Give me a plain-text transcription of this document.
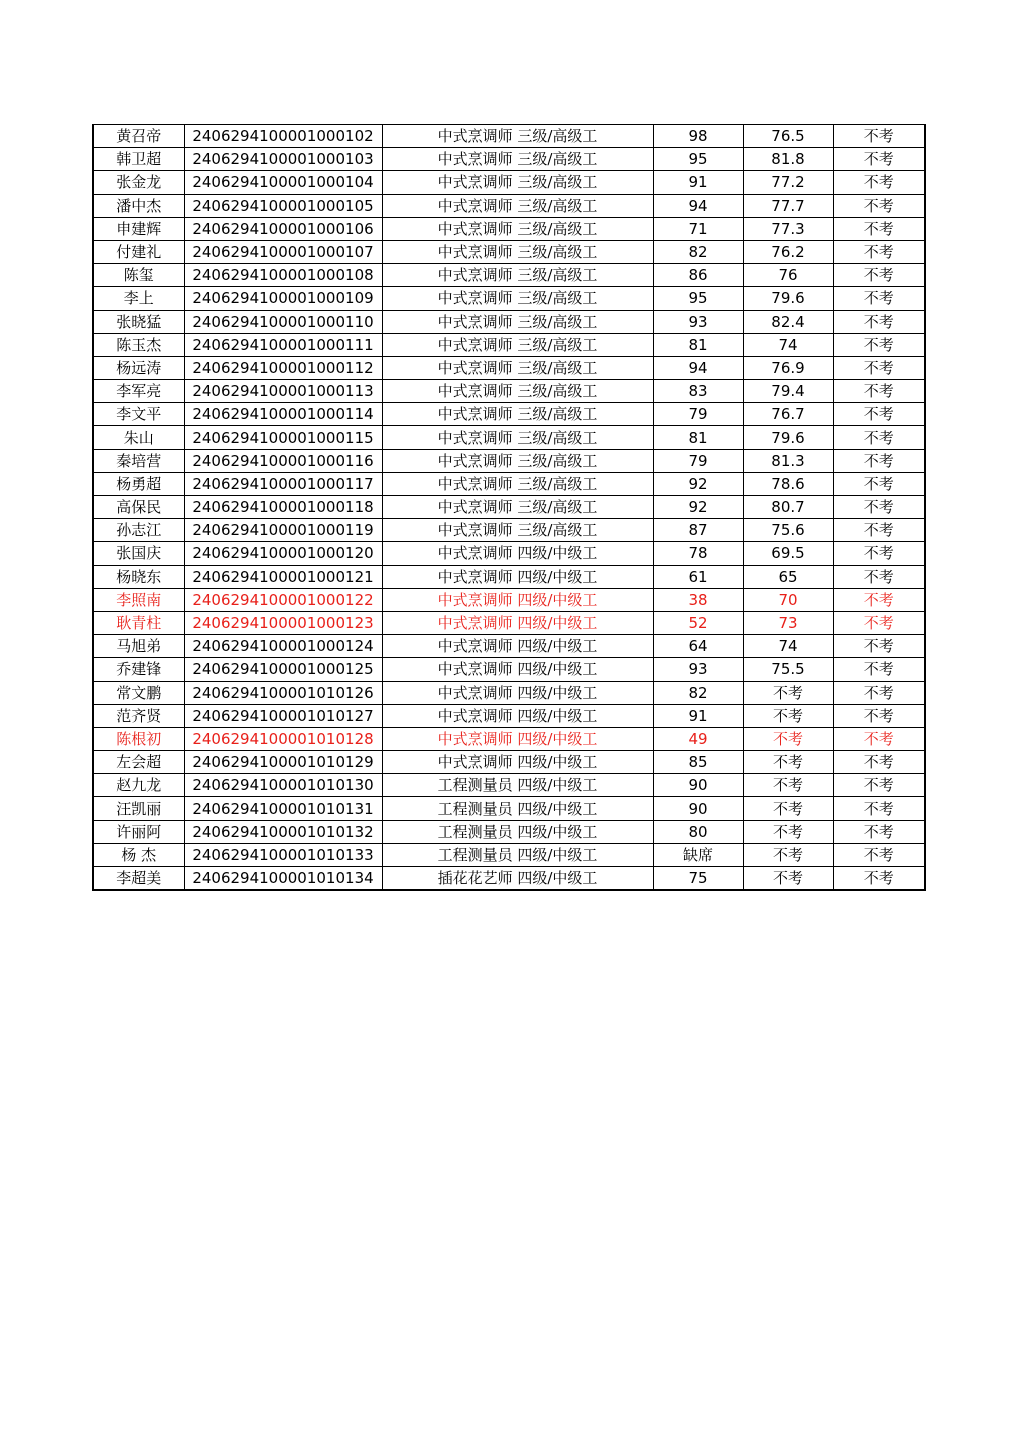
黄召帝	2406294100001000102	中式烹调师 三级/高级工	98	76.5	不考
韩卫超	2406294100001000103	中式烹调师 三级/高级工	95	81.8	不考
张金龙	2406294100001000104	中式烹调师 三级/高级工	91	77.2	不考
潘中杰	2406294100001000105	中式烹调师 三级/高级工	94	77.7	不考
申建辉	2406294100001000106	中式烹调师 三级/高级工	71	77.3	不考
付建礼	2406294100001000107	中式烹调师 三级/高级工	82	76.2	不考
陈玺	2406294100001000108	中式烹调师 三级/高级工	86	76	不考
李上	2406294100001000109	中式烹调师 三级/高级工	95	79.6	不考
张晓猛	2406294100001000110	中式烹调师 三级/高级工	93	82.4	不考
陈玉杰	2406294100001000111	中式烹调师 三级/高级工	81	74	不考
杨远涛	2406294100001000112	中式烹调师 三级/高级工	94	76.9	不考
李军亮	2406294100001000113	中式烹调师 三级/高级工	83	79.4	不考
李文平	2406294100001000114	中式烹调师 三级/高级工	79	76.7	不考
朱山	2406294100001000115	中式烹调师 三级/高级工	81	79.6	不考
秦培营	2406294100001000116	中式烹调师 三级/高级工	79	81.3	不考
杨勇超	2406294100001000117	中式烹调师 三级/高级工	92	78.6	不考
高保民	2406294100001000118	中式烹调师 三级/高级工	92	80.7	不考
孙志江	2406294100001000119	中式烹调师 三级/高级工	87	75.6	不考
张国庆	2406294100001000120	中式烹调师 四级/中级工	78	69.5	不考
杨晓东	2406294100001000121	中式烹调师 四级/中级工	61	65	不考
李照南	2406294100001000122	中式烹调师 四级/中级工	38	70	不考
耿青柱	2406294100001000123	中式烹调师 四级/中级工	52	73	不考
马旭弟	2406294100001000124	中式烹调师 四级/中级工	64	74	不考
乔建锋	2406294100001000125	中式烹调师 四级/中级工	93	75.5	不考
常文鹏	2406294100001010126	中式烹调师 四级/中级工	82	不考	不考
范齐贤	2406294100001010127	中式烹调师 四级/中级工	91	不考	不考
陈根初	2406294100001010128	中式烹调师 四级/中级工	49	不考	不考
左会超	2406294100001010129	中式烹调师 四级/中级工	85	不考	不考
赵九龙	2406294100001010130	工程测量员 四级/中级工	90	不考	不考
汪凯丽	2406294100001010131	工程测量员 四级/中级工	90	不考	不考
许丽阿	2406294100001010132	工程测量员 四级/中级工	80	不考	不考
杨 杰	2406294100001010133	工程测量员 四级/中级工	缺席	不考	不考
李超美	2406294100001010134	插花花艺师 四级/中级工	75	不考	不考
